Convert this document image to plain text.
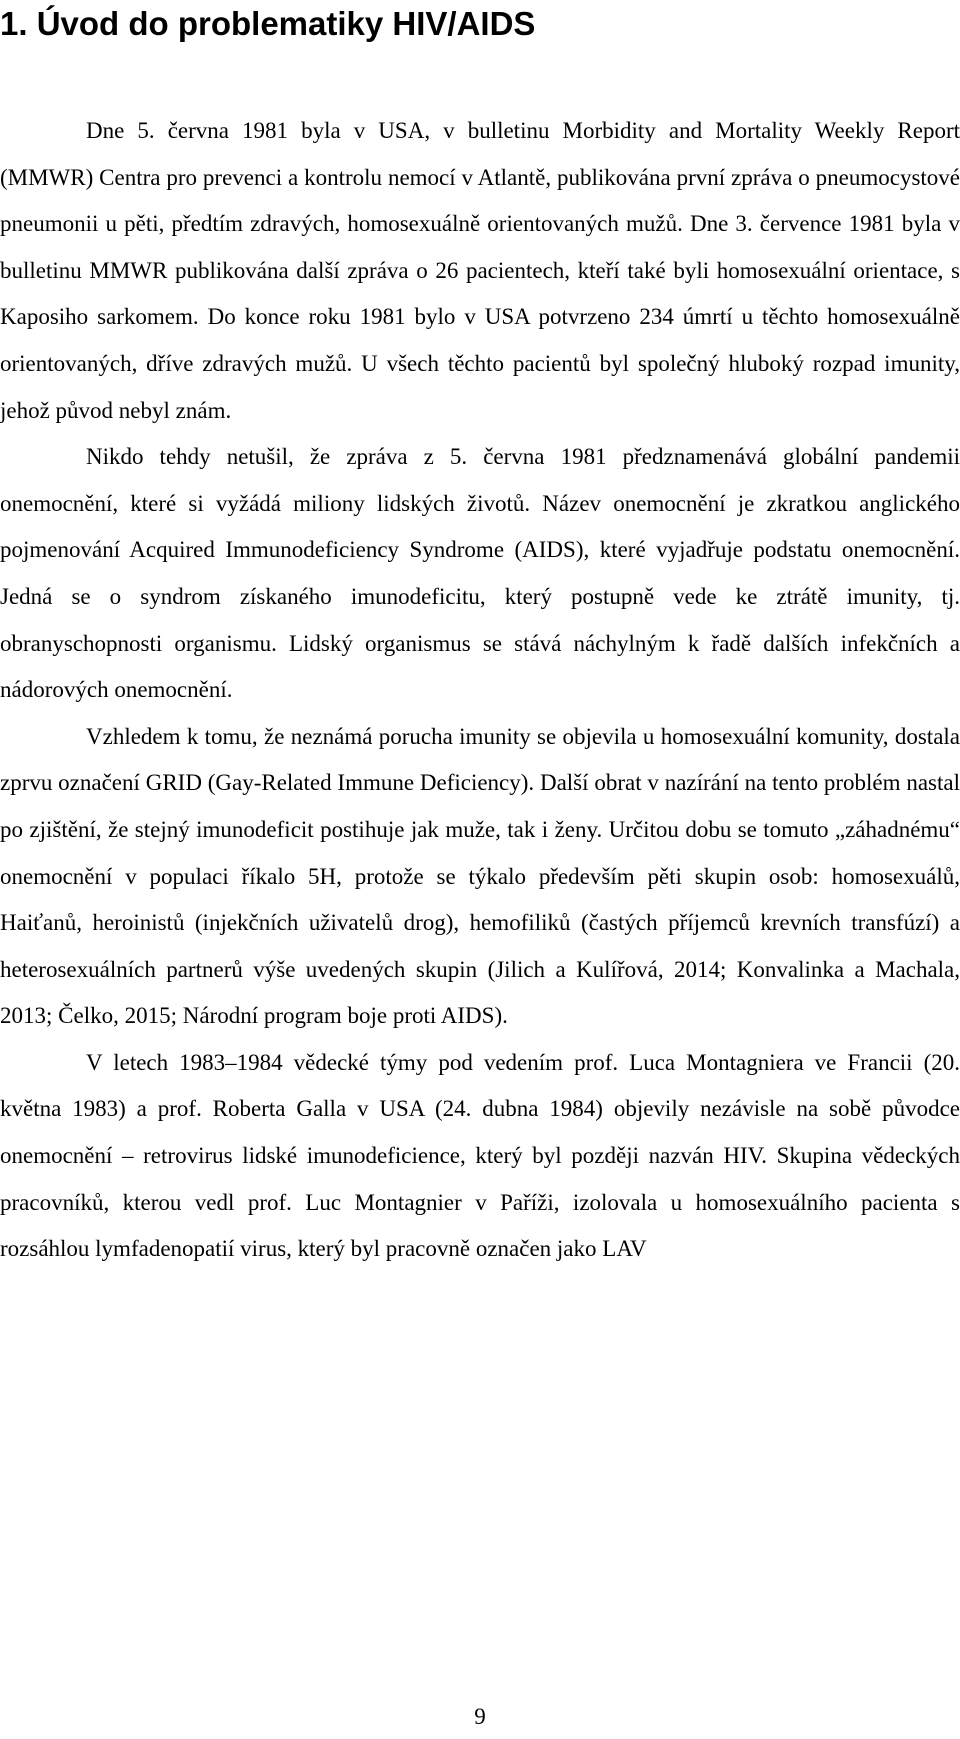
1. Úvod do problematiky HIV/AIDS

Dne 5. června 1981 byla v USA, v bulletinu Morbidity and Mortality Weekly Report (MMWR) Centra pro prevenci a kontrolu nemocí v Atlantě, publikována první zpráva o pneumocystové pneumonii u pěti, předtím zdravých, homosexuálně orientovaných mužů. Dne 3. července 1981 byla v bulletinu MMWR publikována další zpráva o 26 pacientech, kteří také byli homosexuální orientace, s Kaposiho sarkomem. Do konce roku 1981 bylo v USA potvrzeno 234 úmrtí u těchto homosexuálně orientovaných, dříve zdravých mužů. U všech těchto pacientů byl společný hluboký rozpad imunity, jehož původ nebyl znám.

Nikdo tehdy netušil, že zpráva z 5. června 1981 předznamenává globální pandemii onemocnění, které si vyžádá miliony lidských životů. Název onemocnění je zkratkou anglického pojmenování Acquired Immunodeficiency Syndrome (AIDS), které vyjadřuje podstatu onemocnění. Jedná se o syndrom získaného imunodeficitu, který postupně vede ke ztrátě imunity, tj. obranyschopnosti organismu. Lidský organismus se stává náchylným k řadě dalších infekčních a nádorových onemocnění.

Vzhledem k tomu, že neznámá porucha imunity se objevila u homosexuální komunity, dostala zprvu označení GRID (Gay-Related Immune Deficiency). Další obrat v nazírání na tento problém nastal po zjištění, že stejný imunodeficit postihuje jak muže, tak i ženy. Určitou dobu se tomuto „záhadnému“ onemocnění v populaci říkalo 5H, protože se týkalo především pěti skupin osob: homosexuálů, Haiťanů, heroinistů (injekčních uživatelů drog), hemofiliků (častých příjemců krevních transfúzí) a heterosexuálních partnerů výše uvedených skupin (Jilich a Kulířová, 2014; Konvalinka a Machala, 2013; Čelko, 2015; Národní program boje proti AIDS).

V letech 1983–1984 vědecké týmy pod vedením prof. Luca Montagniera ve Francii (20. května 1983) a prof. Roberta Galla v USA (24. dubna 1984) objevily nezávisle na sobě původce onemocnění – retrovirus lidské imunodeficience, který byl později nazván HIV. Skupina vědeckých pracovníků, kterou vedl prof. Luc Montagnier v Paříži, izolovala u homosexuálního pacienta s rozsáhlou lymfadenopatií virus, který byl pracovně označen jako LAV

9
